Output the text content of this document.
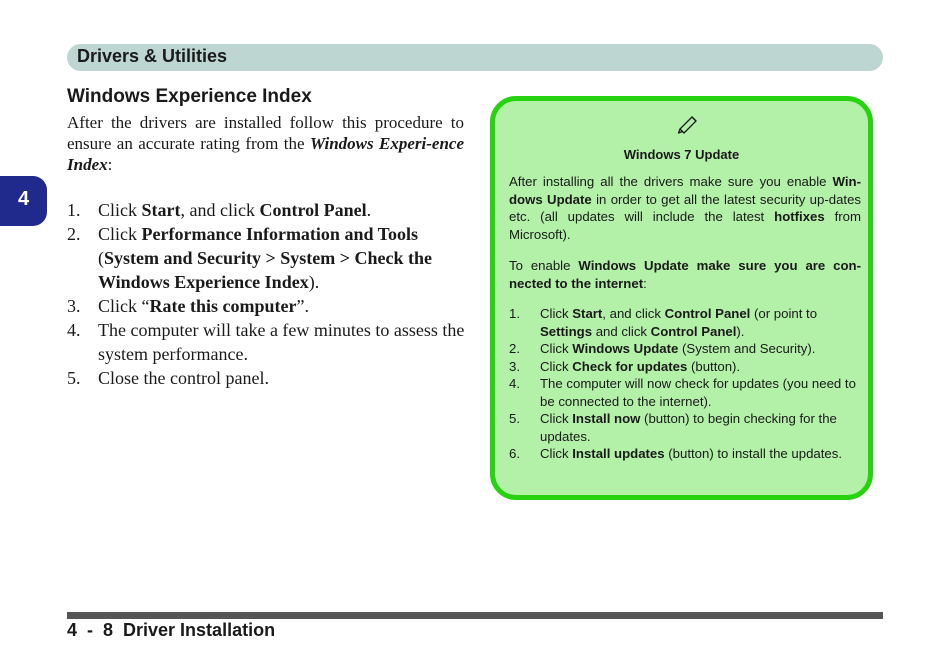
Drivers & Utilities
4
Windows Experience Index
After the drivers are installed follow this procedure to ensure an accurate rating from the Windows Experi-ence Index:
1. Click Start, and click Control Panel.
2. Click Performance Information and Tools (System and Security > System > Check the Windows Experience Index).
3. Click “Rate this computer”.
4. The computer will take a few minutes to assess the system performance.
5. Close the control panel.
Windows 7 Update
After installing all the drivers make sure you enable Win-dows Update in order to get all the latest security up-dates etc. (all updates will include the latest hotfixes from Microsoft).
To enable Windows Update make sure you are con-nected to the internet:
1. Click Start, and click Control Panel (or point to Settings and click Control Panel).
2. Click Windows Update (System and Security).
3. Click Check for updates (button).
4. The computer will now check for updates (you need to be connected to the internet).
5. Click Install now (button) to begin checking for the updates.
6. Click Install updates (button) to install the updates.
4  -  8  Driver Installation
